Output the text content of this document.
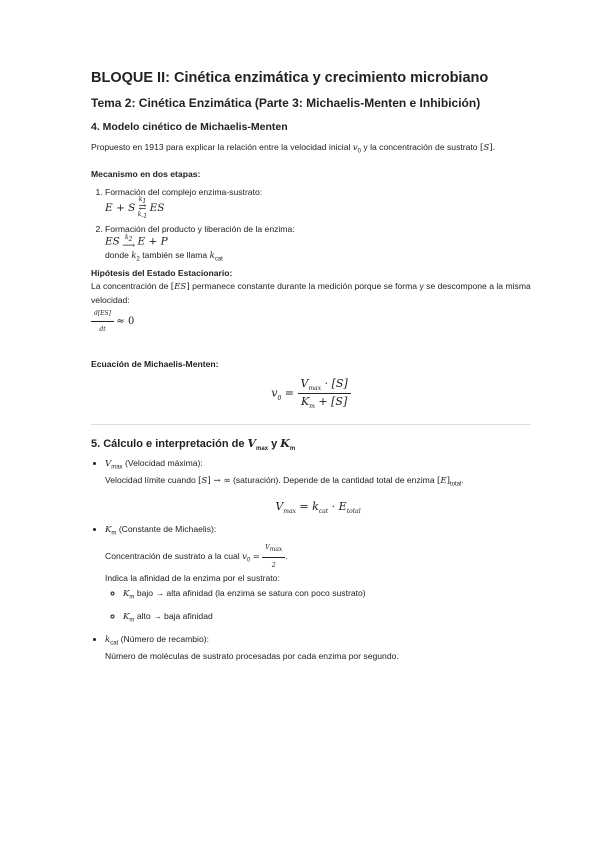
BLOQUE II: Cinética enzimática y crecimiento microbiano

Tema 2: Cinética Enzimática (Parte 3: Michaelis-Menten e Inhibición)

4. Modelo cinético de Michaelis-Menten

Propuesto en 1913 para explicar la relación entre la velocidad inicial $v_0$ y la concentración de sustrato [S].

Mecanismo en dos etapas:

1. Formación del complejo enzima-sustrato:
E + S $k_1$
⇄
$k_{-1}$ ES
2. Formación del producto y liberación de la enzima:
ES $k_2$
⟶ E + P
donde $k_2$ también se llama $k_{cat}$

Hipótesis del Estado Estacionario:

La concentración de [ES] permanece constante durante la medición porque se forma y se descompone a la misma velocidad:

$\frac{d[ES]}{dt} \approx 0$

Ecuación de Michaelis-Menten:

$v_0 = \frac{V_{max} \cdot [S]}{K_m + [S]}$

5. Cálculo e interpretación de $V_{max}$ y $K_m$

• $V_{max}$ (Velocidad máxima):
Velocidad límite cuando [S] → ∞ (saturación). Depende de la cantidad total de enzima $[E]_{total}$.
$V_{max} = k_{cat} \cdot E_{total}$
• $K_m$ (Constante de Michaelis):
Concentración de sustrato a la cual $v_0 = \frac{V_{max}}{2}$ .
Indica la afinidad de la enzima por el sustrato:
◦ $K_m$ bajo → alta afinidad (la enzima se satura con poco sustrato)
◦ $K_m$ alto → baja afinidad
• $k_{cat}$ (Número de recambio):
Número de moléculas de sustrato procesadas por cada enzima por segundo.
